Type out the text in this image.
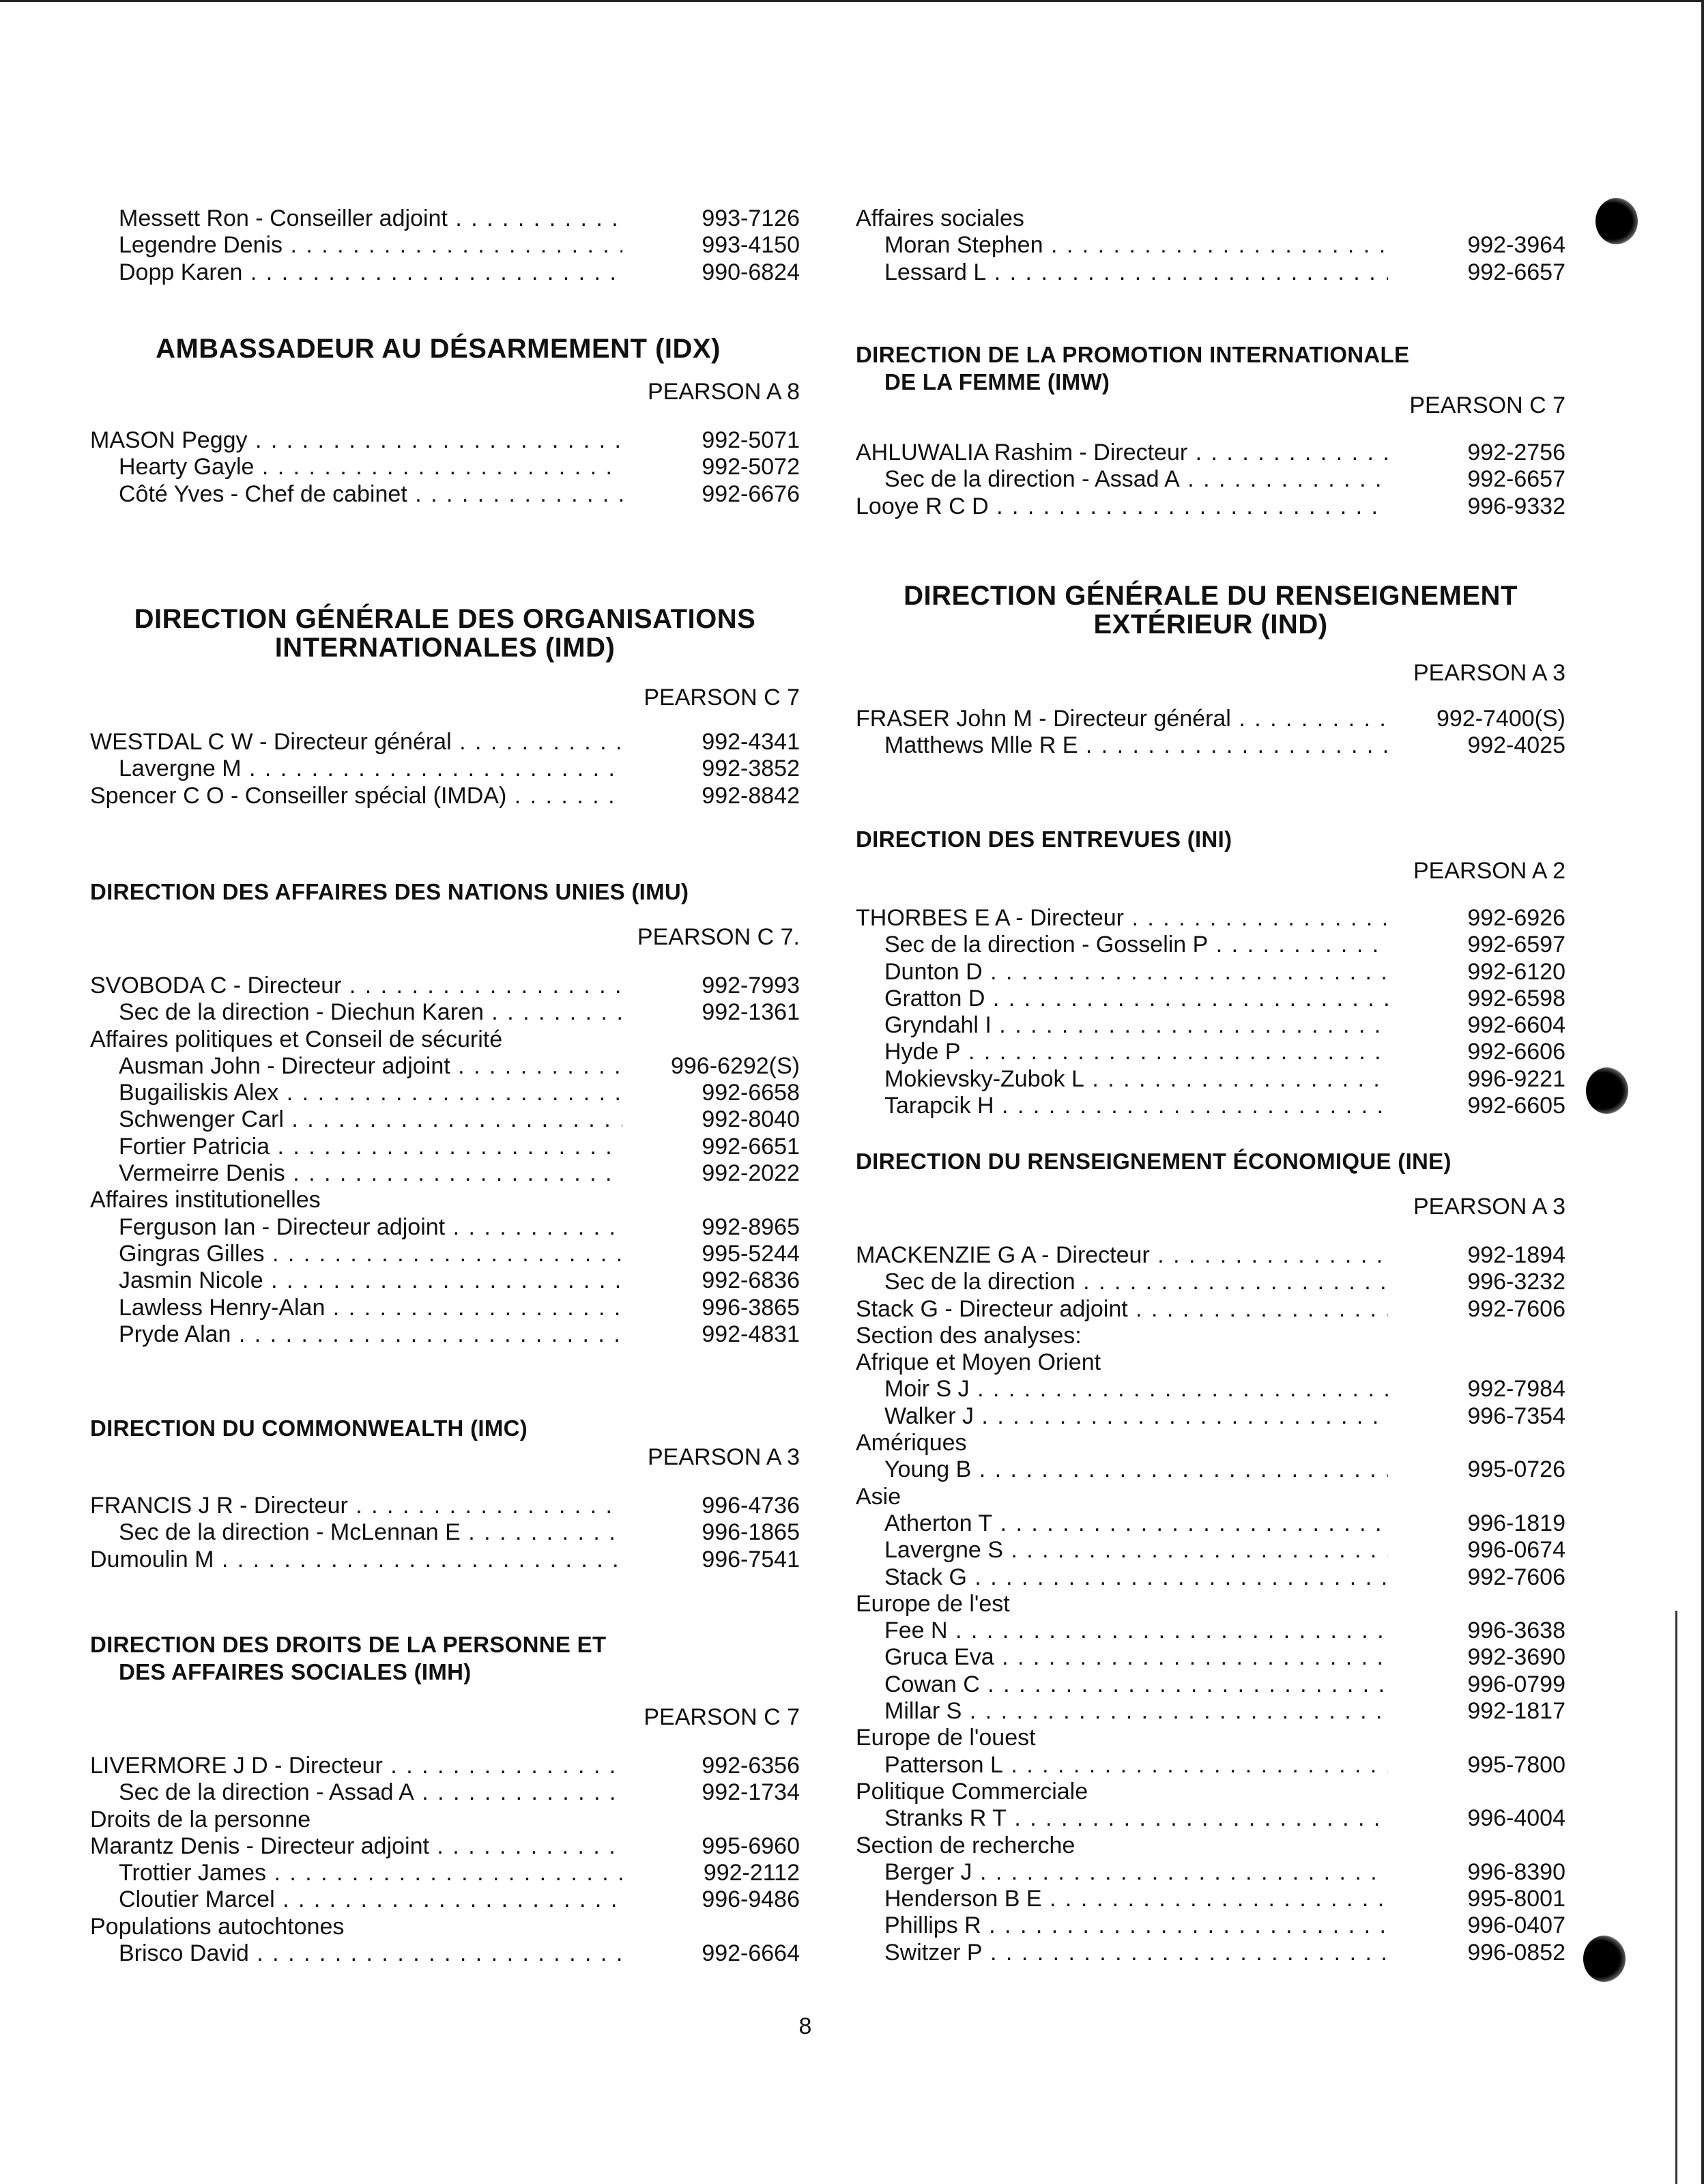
Messett Ron - Conseiller adjoint . . .	993-7126
Legendre Denis . . .	993-4150
Dopp Karen . . .	990-6824
AMBASSADEUR AU DÉSARMEMENT (IDX)
PEARSON A 8
MASON Peggy . . .	992-5071
Hearty Gayle . . .	992-5072
Côté Yves - Chef de cabinet . . .	992-6676
DIRECTION GÉNÉRALE DES ORGANISATIONS
INTERNATIONALES (IMD)
PEARSON C 7
WESTDAL C W - Directeur général . . .	992-4341
Lavergne M . . .	992-3852
Spencer C O - Conseiller spécial (IMDA) . . .	992-8842
DIRECTION DES AFFAIRES DES NATIONS UNIES (IMU)
PEARSON C 7.
SVOBODA C - Directeur . . .	992-7993
Sec de la direction - Diechun Karen . . .	992-1361
Affaires politiques et Conseil de sécurité
Ausman John - Directeur adjoint . . .	996-6292(S)
Bugailiskis Alex . . .	992-6658
Schwenger Carl . . .	992-8040
Fortier Patricia . . .	992-6651
Vermeirre Denis . . .	992-2022
Affaires institutionelles
Ferguson Ian - Directeur adjoint . . .	992-8965
Gingras Gilles . . .	995-5244
Jasmin Nicole . . .	992-6836
Lawless Henry-Alan . . .	996-3865
Pryde Alan . . .	992-4831
DIRECTION DU COMMONWEALTH (IMC)
PEARSON A 3
FRANCIS J R - Directeur . . .	996-4736
Sec de la direction - McLennan E . . .	996-1865
Dumoulin M . . .	996-7541
DIRECTION DES DROITS DE LA PERSONNE ET
DES AFFAIRES SOCIALES (IMH)
PEARSON C 7
LIVERMORE J D - Directeur . . .	992-6356
Sec de la direction - Assad A . . .	992-1734
Droits de la personne
Marantz Denis - Directeur adjoint . . .	995-6960
Trottier James . . .	992-2112
Cloutier Marcel . . .	996-9486
Populations autochtones
Brisco David . . .	992-6664
Affaires sociales
Moran Stephen . . .	992-3964
Lessard L . . .	992-6657
DIRECTION DE LA PROMOTION INTERNATIONALE
DE LA FEMME (IMW)
PEARSON C 7
AHLUWALIA Rashim - Directeur . . .	992-2756
Sec de la direction - Assad A . . .	992-6657
Looye R C D . . .	996-9332
DIRECTION GÉNÉRALE DU RENSEIGNEMENT
EXTÉRIEUR (IND)
PEARSON A 3
FRASER John M - Directeur général . . .	992-7400(S)
Matthews Mlle R E . . .	992-4025
DIRECTION DES ENTREVUES (INI)
PEARSON A 2
THORBES E A - Directeur . . .	992-6926
Sec de la direction - Gosselin P . . .	992-6597
Dunton D . . .	992-6120
Gratton D . . .	992-6598
Gryndahl I . . .	992-6604
Hyde P . . .	992-6606
Mokievsky-Zubok L . . .	996-9221
Tarapcik H . . .	992-6605
DIRECTION DU RENSEIGNEMENT ÉCONOMIQUE (INE)
PEARSON A 3
MACKENZIE G A - Directeur . . .	992-1894
Sec de la direction . . .	996-3232
Stack G - Directeur adjoint . . .	992-7606
Section des analyses:
Afrique et Moyen Orient
Moir S J . . .	992-7984
Walker J . . .	996-7354
Amériques
Young B . . .	995-0726
Asie
Atherton T . . .	996-1819
Lavergne S . . .	996-0674
Stack G . . .	992-7606
Europe de l'est
Fee N . . .	996-3638
Gruca Eva . . .	992-3690
Cowan C . . .	996-0799
Millar S . . .	992-1817
Europe de l'ouest
Patterson L . . .	995-7800
Politique Commerciale
Stranks R T . . .	996-4004
Section de recherche
Berger J . . .	996-8390
Henderson B E . . .	995-8001
Phillips R . . .	996-0407
Switzer P . . .	996-0852
8
